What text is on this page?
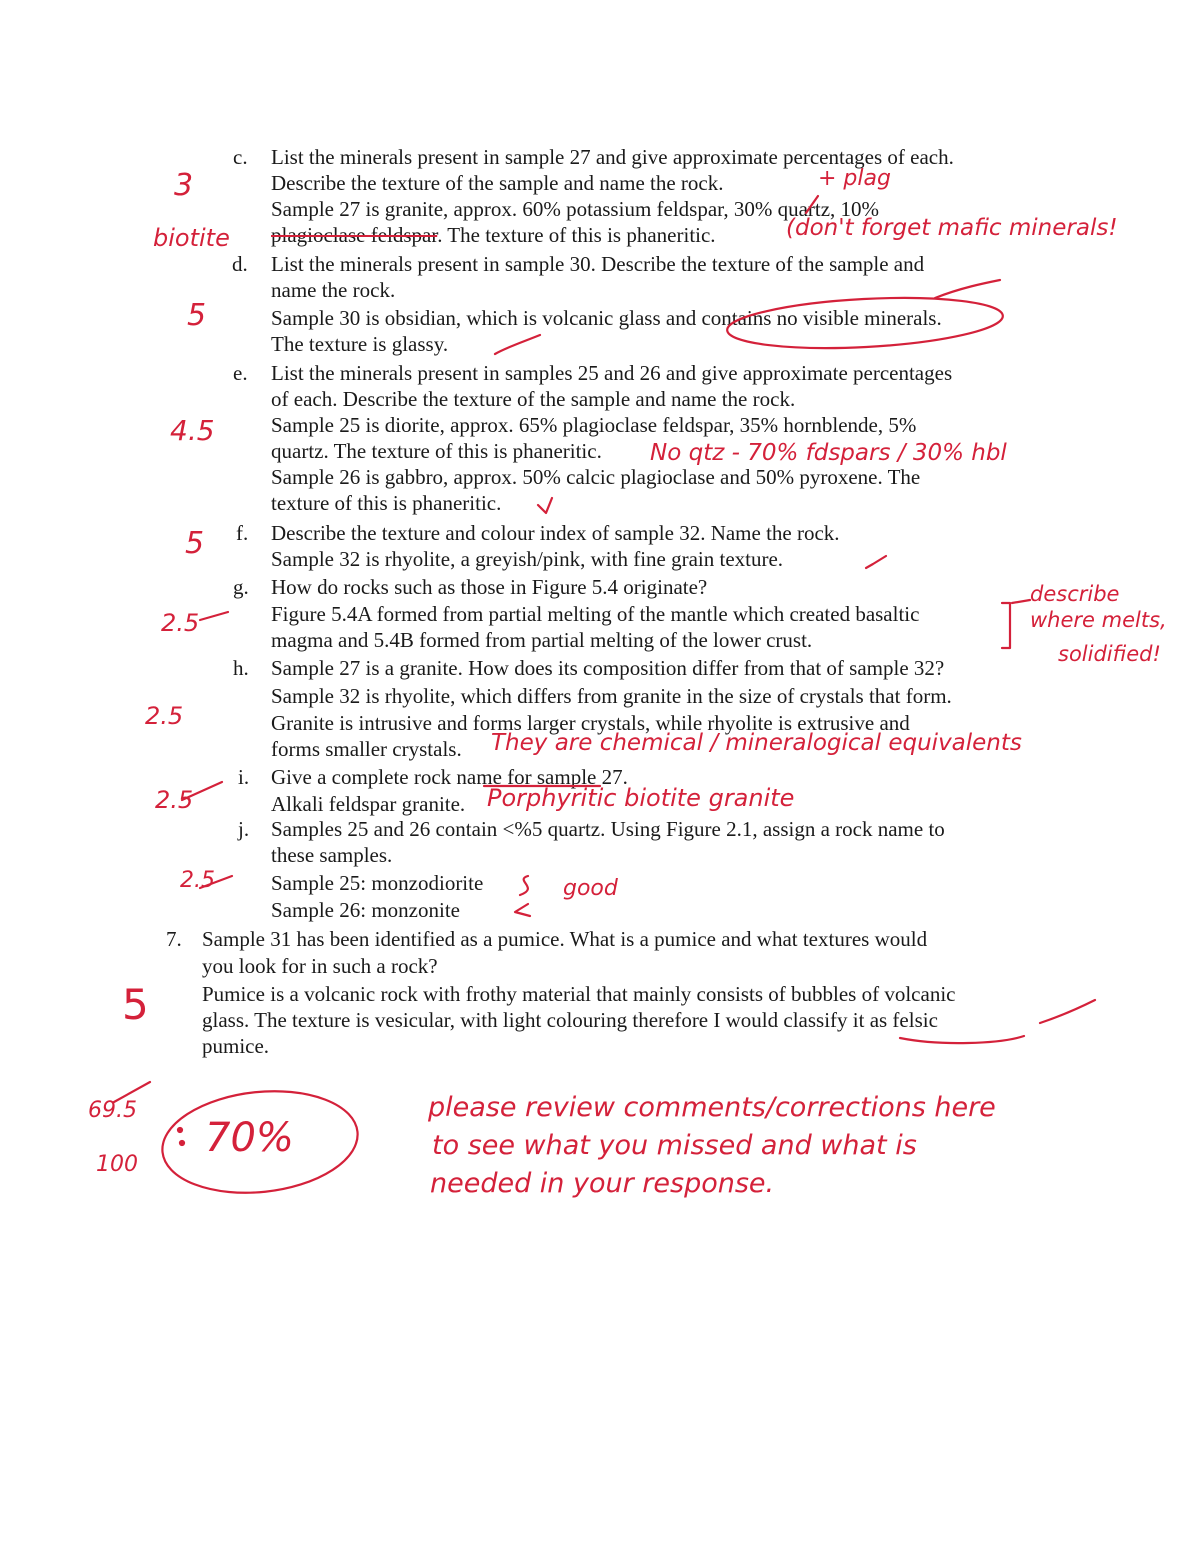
c. List the minerals present in sample 27 and give approximate percentages of each.
Describe the texture of the sample and name the rock.
Sample 27 is granite, approx. 60% potassium feldspar, 30% quartz, 10%
plagioclase feldspar. The texture of this is phaneritic.
d. List the minerals present in sample 30. Describe the texture of the sample and
name the rock.
Sample 30 is obsidian, which is volcanic glass and contains no visible minerals.
The texture is glassy.
e. List the minerals present in samples 25 and 26 and give approximate percentages
of each. Describe the texture of the sample and name the rock.
Sample 25 is diorite, approx. 65% plagioclase feldspar, 35% hornblende, 5%
quartz. The texture of this is phaneritic.
Sample 26 is gabbro, approx. 50% calcic plagioclase and 50% pyroxene. The
texture of this is phaneritic.
f. Describe the texture and colour index of sample 32. Name the rock.
Sample 32 is rhyolite, a greyish/pink, with fine grain texture.
g. How do rocks such as those in Figure 5.4 originate?
Figure 5.4A formed from partial melting of the mantle which created basaltic
magma and 5.4B formed from partial melting of the lower crust.
h. Sample 27 is a granite. How does its composition differ from that of sample 32?
Sample 32 is rhyolite, which differs from granite in the size of crystals that form.
Granite is intrusive and forms larger crystals, while rhyolite is extrusive and
forms smaller crystals.
i. Give a complete rock name for sample 27.
Alkali feldspar granite.
j. Samples 25 and 26 contain <%5 quartz. Using Figure 2.1, assign a rock name to
these samples.
Sample 25: monzodiorite
Sample 26: monzonite
7. Sample 31 has been identified as a pumice. What is a pumice and what textures would
you look for in such a rock?
Pumice is a volcanic rock with frothy material that mainly consists of bubbles of volcanic
glass. The texture is vesicular, with light colouring therefore I would classify it as felsic
pumice.
3
5
4.5
5
2.5
2.5
2.5
2.5
5
+ plag
biotite	(don't forget mafic minerals!
No qtz - 70% fdspars / 30% hbl
describe
where melts,
solidified!
They are chemical / mineralogical equivalents
Porphyritic biotite granite
good
69.5
100
70%
please review comments/corrections here
to see what you missed and what is
needed in your response.
